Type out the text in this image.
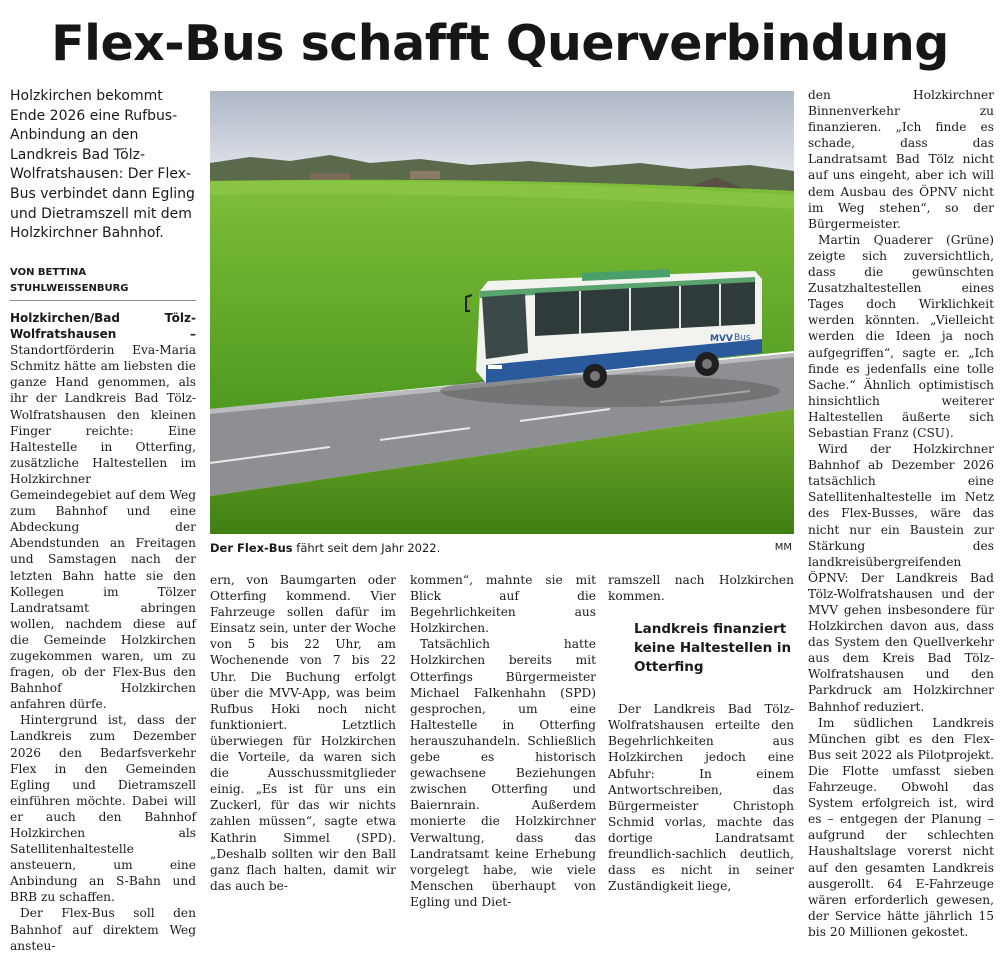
Flex-Bus schafft Querverbindung
Holzkirchen bekommt Ende 2026 eine Rufbus-Anbindung an den Landkreis Bad Tölz-Wolfratshausen: Der Flex-Bus verbindet dann Egling und Dietramszell mit dem Holzkirchner Bahnhof.
VON BETTINA STUHLWEISSENBURG

Holzkirchen/Bad Tölz-Wolfratshausen – Standortförderin Eva-Maria Schmitz hätte am liebsten die ganze Hand genommen, als ihr der Landkreis Bad Tölz-Wolfratshausen den kleinen Finger reichte: Eine Haltestelle in Otterfing, zusätzliche Haltestellen im Holzkirchner Gemeindegebiet auf dem Weg zum Bahnhof und eine Abdeckung der Abendstunden an Freitagen und Samstagen nach der letzten Bahn hatte sie den Kollegen im Tölzer Landratsamt abringen wollen, nachdem diese auf die Gemeinde Holzkirchen zugekommen waren, um zu fragen, ob der Flex-Bus den Bahnhof Holzkirchen anfahren dürfe.

Hintergrund ist, dass der Landkreis zum Dezember 2026 den Bedarfsverkehr Flex in den Gemeinden Egling und Dietramszell einführen möchte. Dabei will er auch den Bahnhof Holzkirchen als Satellitenhaltestelle ansteuern, um eine Anbindung an S-Bahn und BRB zu schaffen.

Der Flex-Bus soll den Bahnhof auf direktem Weg ansteu-

MVV Bus
Der Flex-Bus fährt seit dem Jahr 2022.	MM

ern, von Baumgarten oder Otterfing kommend. Vier Fahrzeuge sollen dafür im Einsatz sein, unter der Woche von 5 bis 22 Uhr, am Wochenende von 7 bis 22 Uhr. Die Buchung erfolgt über die MVV-App, was beim Rufbus Hoki noch nicht funktioniert. Letztlich überwiegen für Holzkirchen die Vorteile, da waren sich die Ausschussmitglieder einig. „Es ist für uns ein Zuckerl, für das wir nichts zahlen müssen“, sagte etwa Kathrin Simmel (SPD). „Deshalb sollten wir den Ball ganz flach halten, damit wir das auch be-

kommen“, mahnte sie mit Blick auf die Begehrlichkeiten aus Holzkirchen.

Tatsächlich hatte Holzkirchen bereits mit Otterfings Bürgermeister Michael Falkenhahn (SPD) gesprochen, um eine Haltestelle in Otterfing herauszuhandeln. Schließlich gebe es historisch gewachsene Beziehungen zwischen Otterfing und Baiernrain. Außerdem monierte die Holzkirchner Verwaltung, dass das Landratsamt keine Erhebung vorgelegt habe, wie viele Menschen überhaupt von Egling und Diet-

ramszell nach Holzkirchen kommen.

Landkreis finanziert keine Haltestellen in Otterfing

Der Landkreis Bad Tölz-Wolfratshausen erteilte den Begehrlichkeiten aus Holzkirchen jedoch eine Abfuhr: In einem Antwortschreiben, das Bürgermeister Christoph Schmid vorlas, machte das dortige Landratsamt freundlich-sachlich deutlich, dass es nicht in seiner Zuständigkeit liege,

den Holzkirchner Binnenverkehr zu finanzieren. „Ich finde es schade, dass das Landratsamt Bad Tölz nicht auf uns eingeht, aber ich will dem Ausbau des ÖPNV nicht im Weg stehen“, so der Bürgermeister.

Martin Quaderer (Grüne) zeigte sich zuversichtlich, dass die gewünschten Zusatzhaltestellen eines Tages doch Wirklichkeit werden könnten. „Vielleicht werden die Ideen ja noch aufgegriffen“, sagte er. „Ich finde es jedenfalls eine tolle Sache.“ Ähnlich optimistisch hinsichtlich weiterer Haltestellen äußerte sich Sebastian Franz (CSU).

Wird der Holzkirchner Bahnhof ab Dezember 2026 tatsächlich eine Satellitenhaltestelle im Netz des Flex-Busses, wäre das nicht nur ein Baustein zur Stärkung des landkreisübergreifenden ÖPNV: Der Landkreis Bad Tölz-Wolfratshausen und der MVV gehen insbesondere für Holzkirchen davon aus, dass das System den Quellverkehr aus dem Kreis Bad Tölz-Wolfratshausen und den Parkdruck am Holzkirchner Bahnhof reduziert.

Im südlichen Landkreis München gibt es den Flex-Bus seit 2022 als Pilotprojekt. Die Flotte umfasst sieben Fahrzeuge. Obwohl das System erfolgreich ist, wird es – entgegen der Planung – aufgrund der schlechten Haushaltslage vorerst nicht auf den gesamten Landkreis ausgerollt. 64 E-Fahrzeuge wären erforderlich gewesen, der Service hätte jährlich 15 bis 20 Millionen gekostet.
